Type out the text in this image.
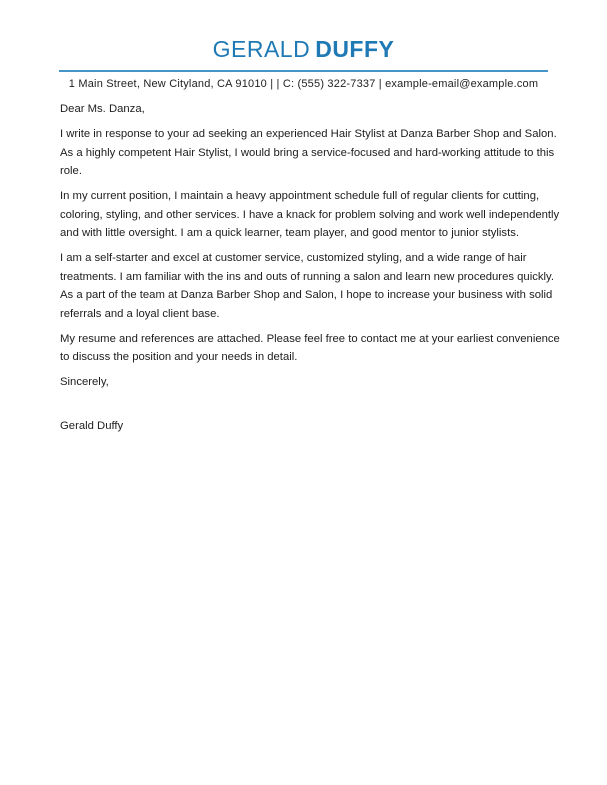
GERALD DUFFY
1 Main Street, New Cityland, CA 91010 | | C: (555) 322-7337 | example-email@example.com

Dear Ms. Danza,

I write in response to your ad seeking an experienced Hair Stylist at Danza Barber Shop and Salon. As a highly competent Hair Stylist, I would bring a service-focused and hard-working attitude to this role.

In my current position, I maintain a heavy appointment schedule full of regular clients for cutting, coloring, styling, and other services. I have a knack for problem solving and work well independently and with little oversight. I am a quick learner, team player, and good mentor to junior stylists.

I am a self-starter and excel at customer service, customized styling, and a wide range of hair treatments. I am familiar with the ins and outs of running a salon and learn new procedures quickly. As a part of the team at Danza Barber Shop and Salon, I hope to increase your business with solid referrals and a loyal client base.

My resume and references are attached. Please feel free to contact me at your earliest convenience to discuss the position and your needs in detail.

Sincerely,

Gerald Duffy
